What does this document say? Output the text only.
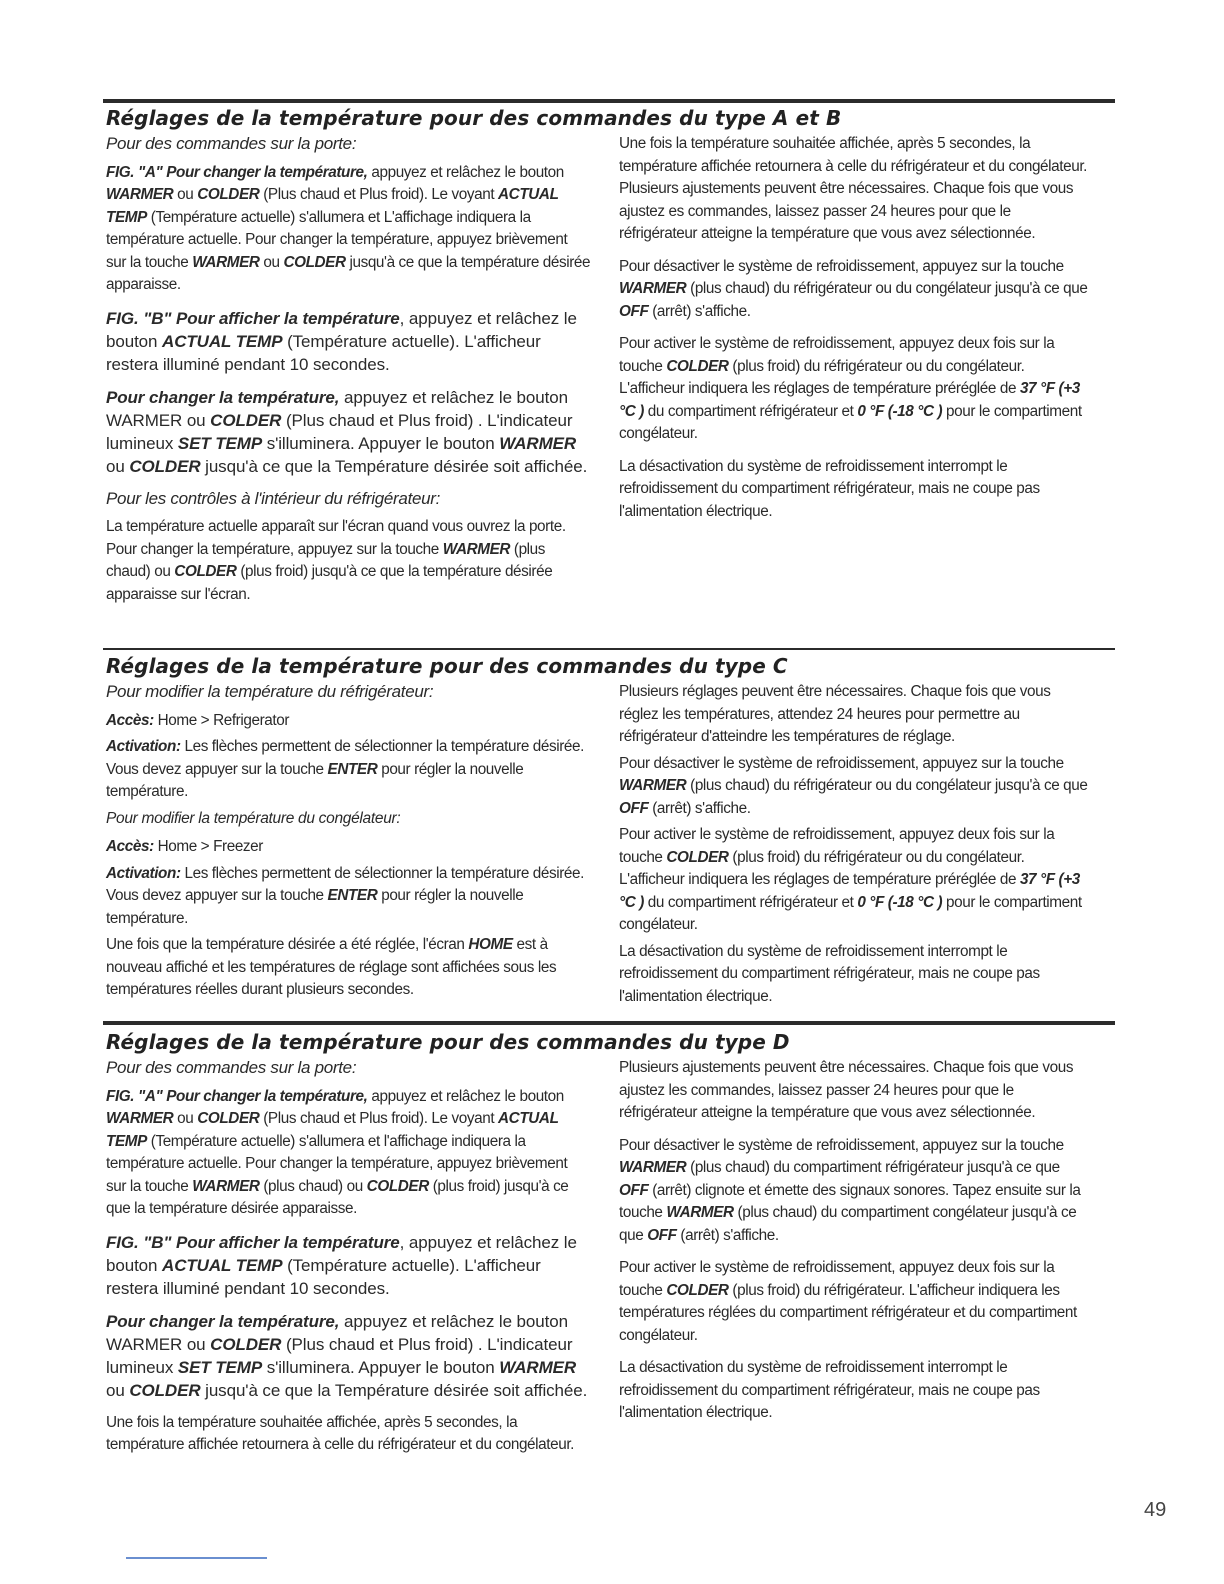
Réglages de la température pour des commandes du type A et B
Pour des commandes sur la porte:

FIG. "A" Pour changer la température, appuyez et relâchez le bouton WARMER ou COLDER (Plus chaud et Plus froid). Le voyant ACTUAL TEMP (Température actuelle) s'allumera et L'affichage indiquera la température actuelle. Pour changer la température, appuyez brièvement sur la touche WARMER ou COLDER jusqu'à ce que la température désirée apparaisse.

FIG. "B" Pour afficher la température, appuyez et relâchez le bouton ACTUAL TEMP (Température actuelle). L'afficheur restera illuminé pendant 10 secondes.

Pour changer la température, appuyez et relâchez le bouton WARMER ou COLDER (Plus chaud et Plus froid) . L'indicateur lumineux SET TEMP s'illuminera. Appuyer le bouton WARMER ou COLDER jusqu'à ce que la Température désirée soit affichée.

Pour les contrôles à l'intérieur du réfrigérateur:

La température actuelle apparaît sur l'écran quand vous ouvrez la porte. Pour changer la température, appuyez sur la touche WARMER (plus chaud) ou COLDER (plus froid) jusqu'à ce que la température désirée apparaisse sur l'écran.

Une fois la température souhaitée affichée, après 5 secondes, la température affichée retournera à celle du réfrigérateur et du congélateur. Plusieurs ajustements peuvent être nécessaires. Chaque fois que vous ajustez es commandes, laissez passer 24 heures pour que le réfrigérateur atteigne la température que vous avez sélectionnée.

Pour désactiver le système de refroidissement, appuyez sur la touche WARMER (plus chaud) du réfrigérateur ou du congélateur jusqu'à ce que OFF (arrêt) s'affiche.

Pour activer le système de refroidissement, appuyez deux fois sur la touche COLDER (plus froid) du réfrigérateur ou du congélateur. L'afficheur indiquera les réglages de température préréglée de 37 °F (+3 °C ) du compartiment réfrigérateur et 0 °F (-18 °C ) pour le compartiment congélateur.

La désactivation du système de refroidissement interrompt le refroidissement du compartiment réfrigérateur, mais ne coupe pas l'alimentation électrique.

Réglages de la température pour des commandes du type C
Pour modifier la température du réfrigérateur:

Accès: Home > Refrigerator

Activation: Les flèches permettent de sélectionner la température désirée. Vous devez appuyer sur la touche ENTER pour régler la nouvelle température.

Pour modifier la température du congélateur:

Accès: Home > Freezer

Activation: Les flèches permettent de sélectionner la température désirée. Vous devez appuyer sur la touche ENTER pour régler la nouvelle température.

Une fois que la température désirée a été réglée, l'écran HOME est à nouveau affiché et les températures de réglage sont affichées sous les températures réelles durant plusieurs secondes.

Plusieurs réglages peuvent être nécessaires. Chaque fois que vous réglez les températures, attendez 24 heures pour permettre au réfrigérateur d'atteindre les températures de réglage.

Pour désactiver le système de refroidissement, appuyez sur la touche WARMER (plus chaud) du réfrigérateur ou du congélateur jusqu'à ce que OFF (arrêt) s'affiche.

Pour activer le système de refroidissement, appuyez deux fois sur la touche COLDER (plus froid) du réfrigérateur ou du congélateur. L'afficheur indiquera les réglages de température préréglée de 37 °F (+3 °C ) du compartiment réfrigérateur et 0 °F (-18 °C ) pour le compartiment congélateur.

La désactivation du système de refroidissement interrompt le refroidissement du compartiment réfrigérateur, mais ne coupe pas l'alimentation électrique.

Réglages de la température pour des commandes du type D
Pour des commandes sur la porte:

FIG. "A" Pour changer la température, appuyez et relâchez le bouton WARMER ou COLDER (Plus chaud et Plus froid). Le voyant ACTUAL TEMP (Température actuelle) s'allumera et l'affichage indiquera la température actuelle. Pour changer la température, appuyez brièvement sur la touche WARMER (plus chaud) ou COLDER (plus froid) jusqu'à ce que la température désirée apparaisse.

FIG. "B" Pour afficher la température, appuyez et relâchez le bouton ACTUAL TEMP (Température actuelle). L'afficheur restera illuminé pendant 10 secondes.

Pour changer la température, appuyez et relâchez le bouton WARMER ou COLDER (Plus chaud et Plus froid) . L'indicateur lumineux SET TEMP s'illuminera. Appuyer le bouton WARMER ou COLDER jusqu'à ce que la Température désirée soit affichée.

Une fois la température souhaitée affichée, après 5 secondes, la température affichée retournera à celle du réfrigérateur et du congélateur.

Plusieurs ajustements peuvent être nécessaires. Chaque fois que vous ajustez les commandes, laissez passer 24 heures pour que le réfrigérateur atteigne la température que vous avez sélectionnée.

Pour désactiver le système de refroidissement, appuyez sur la touche WARMER (plus chaud) du compartiment réfrigérateur jusqu'à ce que OFF (arrêt) clignote et émette des signaux sonores. Tapez ensuite sur la touche WARMER (plus chaud) du compartiment congélateur jusqu'à ce que OFF (arrêt) s'affiche.

Pour activer le système de refroidissement, appuyez deux fois sur la touche COLDER (plus froid) du réfrigérateur. L'afficheur indiquera les températures réglées du compartiment réfrigérateur et du compartiment congélateur.

La désactivation du système de refroidissement interrompt le refroidissement du compartiment réfrigérateur, mais ne coupe pas l'alimentation électrique.

49
